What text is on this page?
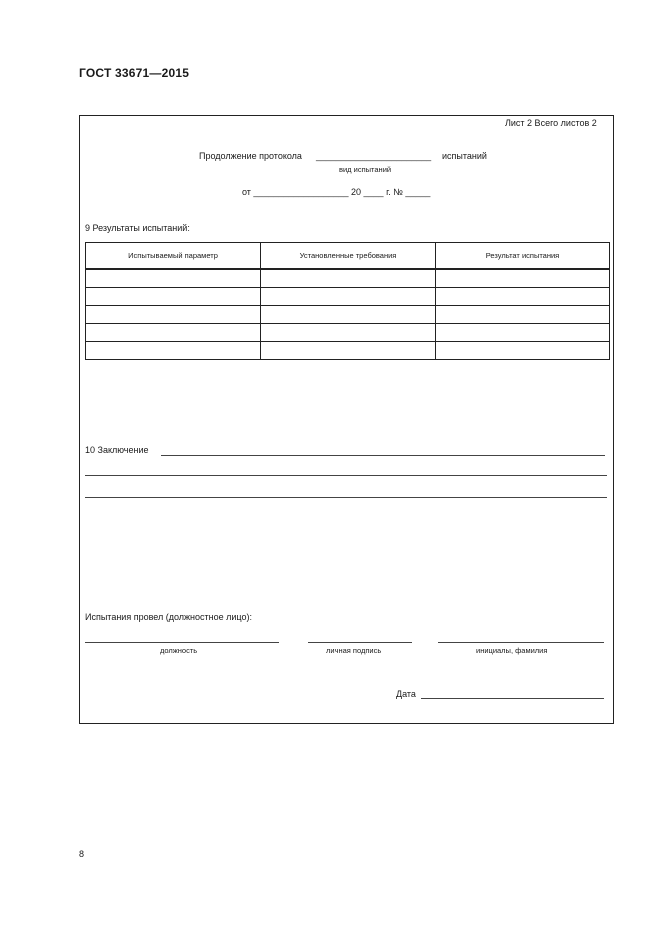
ГОСТ 33671—2015
Лист 2 Всего листов 2
Продолжение протокола _______________________ испытаний
вид испытаний
от ___________________ 20 ____ г. № _____
9 Результаты испытаний:
Испытываемый параметр	Установленные требования	Результат испытания

10 Заключение
Испытания провел (должностное лицо):
должность	личная подпись	инициалы, фамилия
Дата
8
